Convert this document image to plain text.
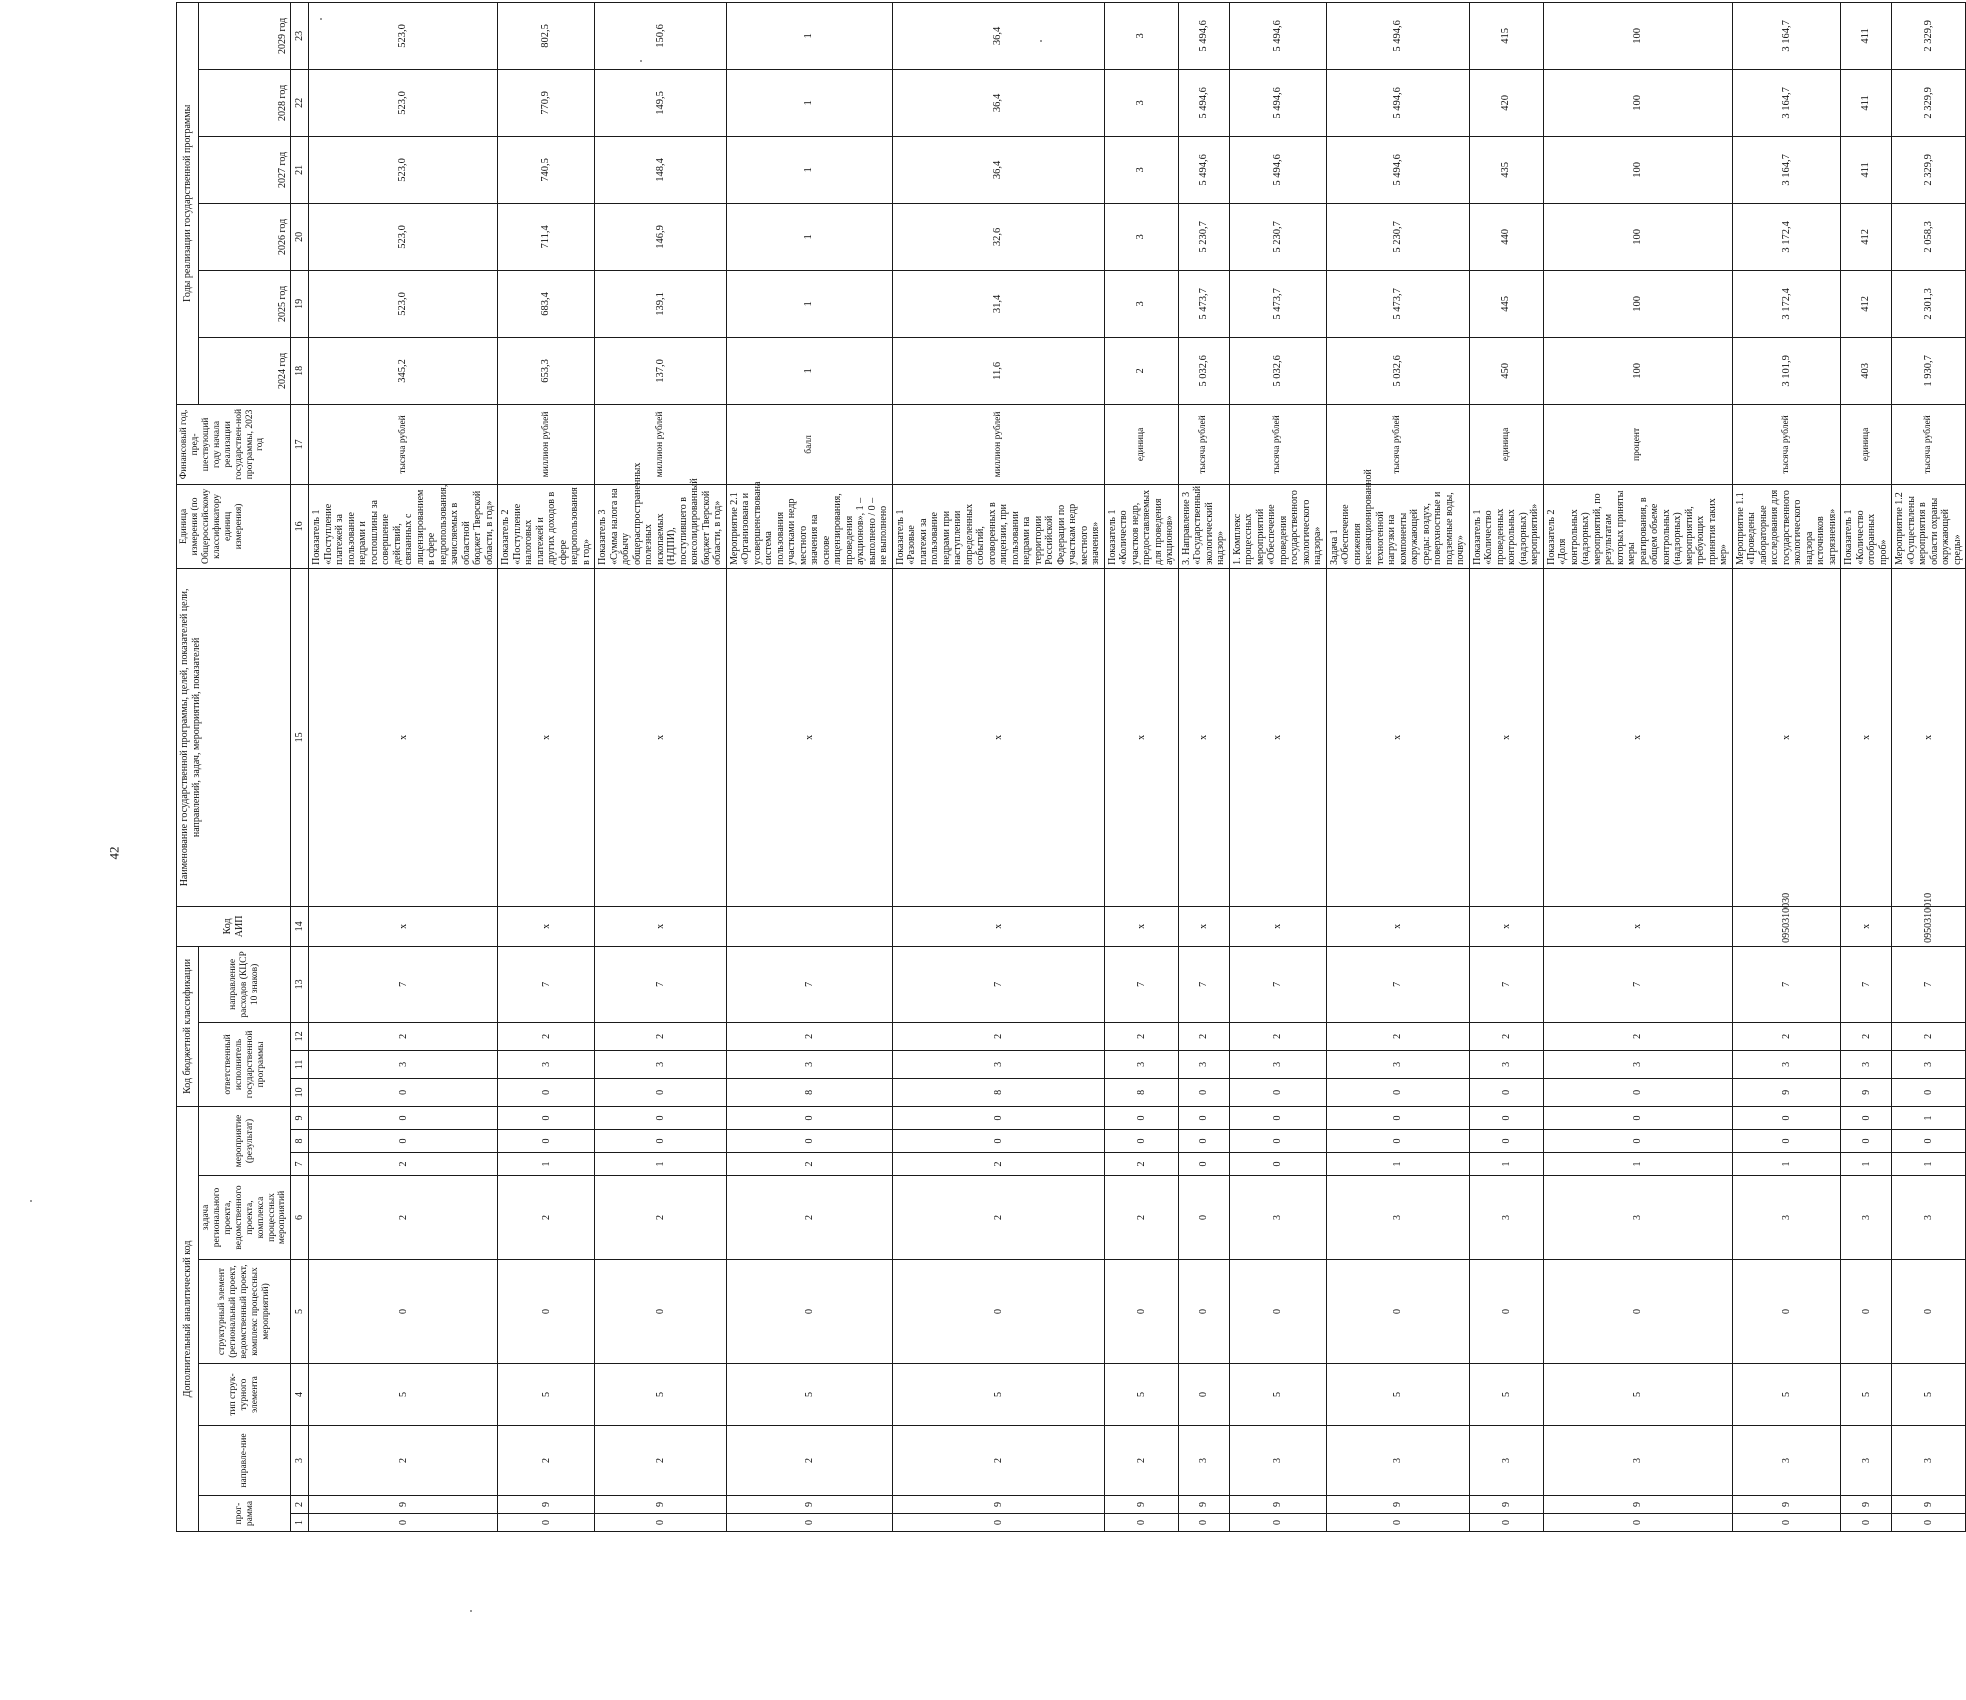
42
Дополнительный аналитический код									Код бюджетной классификации				Код АИП	Наименование государственной программы, целей, показателей цели, направлений, задач, мероприятий, показателей	Единица измерения (по Общероссийскому классификатору единиц измерения)	Финансовый год, пред-шествующий году начала реализации государствен-ной программы, 2023 год	Годы реализации государственной программы						
прог-рамма		направле-ние	тип струк-турного элемента	структурный элемент (региональный проект, ведомственный проект, комплекс процессных мероприятий)	задача регионального проекта, ведомственного проекта, комплекса процессных мероприятий	мероприятие (результат)			ответственный исполнитель государственной программы			направление расходов (КЦСР 10 знаков)					2024 год	2025 год	2026 год	2027 год	2028 год	2029 год	
1	2	3	4	5	6	7	8	9	10	11	12	13	14	15	16	17	18	19	20	21	22	23	
0	9	2	5	0	2	2	0	0	0	3	2	7	х	х	Показатель 1 «Поступление платежей за пользование недрами и госпошлины за совершение действий, связанных с лицензированием в сфере недропользования, зачисляемых в областной бюджет Тверской области, в год»	тысяча рублей	345,2	523,0	523,0	523,0	523,0	523,0	
0	9	2	5	0	2	1	0	0	0	3	2	7	х	х	Показатель 2 «Поступление налоговых платежей и других доходов в сфере недропользования в год»	миллион рублей	653,3	683,4	711,4	740,5	770,9	802,5	
0	9	2	5	0	2	1	0	0	0	3	2	7	х	х	Показатель 3 «Сумма налога на добычу общераспространенных полезных ископаемых (НДПИ), поступившего в консолидированный бюджет Тверской области, в год»	миллион рублей	137,0	139,1	146,9	148,4	149,5	150,6	
0	9	2	5	0	2	2	0	0	8	3	2	7		х	Мероприятие 2.1 «Организована и усовершенствована система пользования участками недр местного значения на основе лицензирования, проведения аукционов», 1 – выполнено / 0 – не выполнено	балл	1	1	1	1	1	1	
0	9	2	5	0	2	2	0	0	8	3	2	7	х	х	Показатель 1 «Разовые платежи за пользование недрами при наступлении определенных событий, оговоренных в лицензии, при пользовании недрами на территории Российской Федерации по участкам недр местного значения»	миллион рублей	11,6	31,4	32,6	36,4	36,4	36,4	
0	9	2	5	0	2	2	0	0	8	3	2	7	х	х	Показатель 1 «Количество участков недр, предоставляемых для проведения аукционов»	единица	2	3	3	3	3	3	
0	9	3	0	0	0	0	0	0	0	3	2	7	х	х	3. Направление 3 «Государственный экологический надзор»	тысяча рублей	5 032,6	5 473,7	5 230,7	5 494,6	5 494,6	5 494,6	
0	9	3	5	0	3	0	0	0	0	3	2	7	х	х	1. Комплекс процессных мероприятий «Обеспечение проведения государственного экологического надзора»	тысяча рублей	5 032,6	5 473,7	5 230,7	5 494,6	5 494,6	5 494,6	
0	9	3	5	0	3	1	0	0	0	3	2	7	х	х	Задача 1 «Обеспечение снижения несанкционированной техногенной нагрузки на компоненты окружающей среды: воздух, поверхностные и подземные воды, почву»	тысяча рублей	5 032,6	5 473,7	5 230,7	5 494,6	5 494,6	5 494,6	
0	9	3	5	0	3	1	0	0	0	3	2	7	х	х	Показатель 1 «Количество проведенных контрольных (надзорных) мероприятий»	единица	450	445	440	435	420	415	
0	9	3	5	0	3	1	0	0	0	3	2	7	х	х	Показатель 2 «Доля контрольных (надзорных) мероприятий, по результатам которых приняты меры реагирования, в общем объеме контрольных (надзорных) мероприятий, требующих принятия таких мер»	процент	100	100	100	100	100	100	
0	9	3	5	0	3	1	0	0	9	3	2	7	0950310030	х	Мероприятие 1.1 «Проведены лабораторные исследования для государственного экологического надзора источников загрязнения»	тысяча рублей	3 101,9	3 172,4	3 172,4	3 164,7	3 164,7	3 164,7	
0	9	3	5	0	3	1	0	0	9	3	2	7	х	х	Показатель 1 «Количество отобранных проб»	единица	403	412	412	411	411	411	
0	9	3	5	0	3	1	0	1	0	3	2	7	0950310010	х	Мероприятие 1.2 «Осуществлены мероприятия в области охраны окружающей среды»	тысяча рублей	1 930,7	2 301,3	2 058,3	2 329,9	2 329,9	2 329,9	
